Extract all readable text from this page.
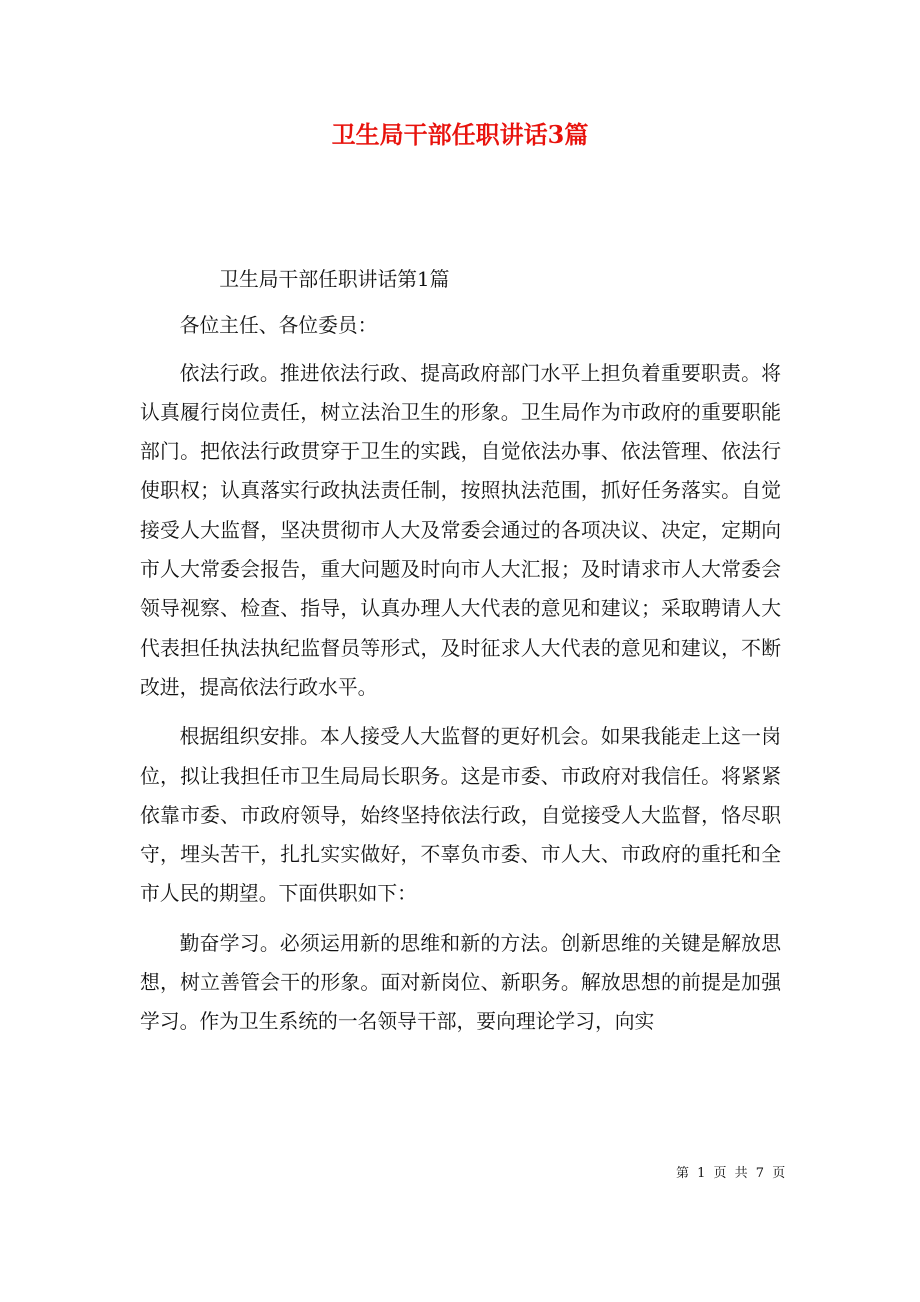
卫生局干部任职讲话3篇

卫生局干部任职讲话第1篇

各位主任、各位委员：

依法行政。推进依法行政、提高政府部门水平上担负着重要职责。将认真履行岗位责任，树立法治卫生的形象。卫生局作为市政府的重要职能部门。把依法行政贯穿于卫生的实践，自觉依法办事、依法管理、依法行使职权；认真落实行政执法责任制，按照执法范围，抓好任务落实。自觉接受人大监督，坚决贯彻市人大及常委会通过的各项决议、决定，定期向市人大常委会报告，重大问题及时向市人大汇报；及时请求市人大常委会领导视察、检查、指导，认真办理人大代表的意见和建议；采取聘请人大代表担任执法执纪监督员等形式，及时征求人大代表的意见和建议，不断改进，提高依法行政水平。

根据组织安排。本人接受人大监督的更好机会。如果我能走上这一岗位，拟让我担任市卫生局局长职务。这是市委、市政府对我信任。将紧紧依靠市委、市政府领导，始终坚持依法行政，自觉接受人大监督，恪尽职守，埋头苦干，扎扎实实做好，不辜负市委、市人大、市政府的重托和全市人民的期望。下面供职如下：

勤奋学习。必须运用新的思维和新的方法。创新思维的关键是解放思想，树立善管会干的形象。面对新岗位、新职务。解放思想的前提是加强学习。作为卫生系统的一名领导干部，要向理论学习，向实

第 1 页 共 7 页
